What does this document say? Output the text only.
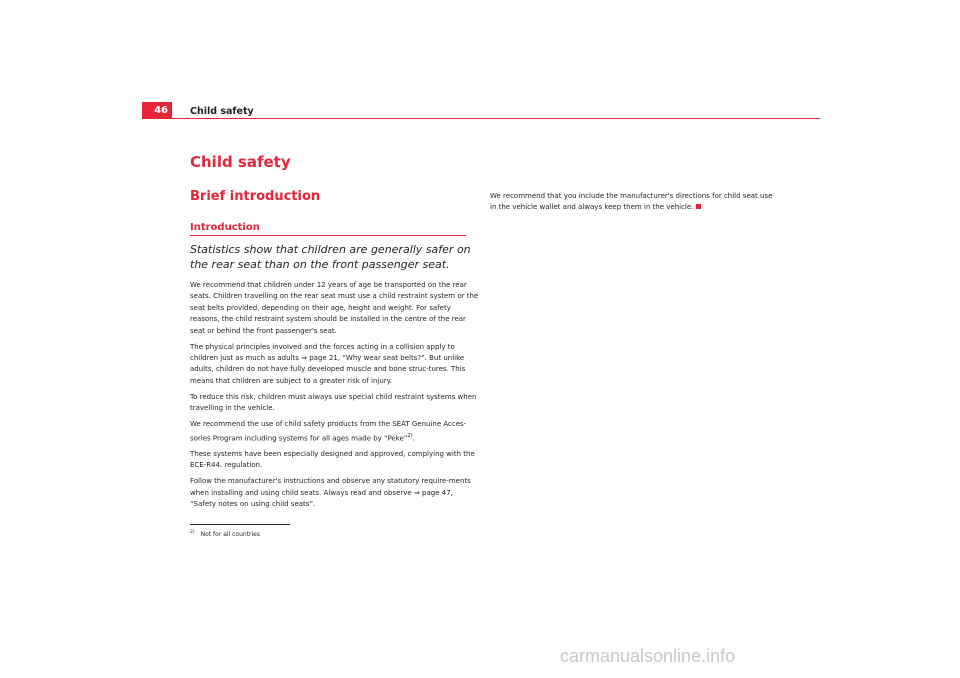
46	Child safety
Child safety
Brief introduction
Introduction
Statistics show that children are generally safer on the rear seat than on the front passenger seat.

We recommend that children under 12 years of age be transported on the rear seats. Children travelling on the rear seat must use a child restraint system or the seat belts provided, depending on their age, height and weight. For safety reasons, the child restraint system should be installed in the centre of the rear seat or behind the front passenger's seat.

The physical principles involved and the forces acting in a collision apply to children just as much as adults ⇒ page 21, “Why wear seat belts?”. But unlike adults, children do not have fully developed muscle and bone struc-tures. This means that children are subject to a greater risk of injury.

To reduce this risk, children must always use special child restraint systems when travelling in the vehicle.

We recommend the use of child safety products from the SEAT Genuine Acces-sories Program including systems for all ages made by “Peke”$^{2)}$.

These systems have been especially designed and approved, complying with the ECE-R44. regulation.

Follow the manufacturer's instructions and observe any statutory require-ments when installing and using child seats. Always read and observe ⇒ page 47, “Safety notes on using child seats”.

We recommend that you include the manufacturer's directions for child seat use in the vehicle wallet and always keep them in the vehicle.

$^{2)}$ Not for all countries
carmanualsonline.info
